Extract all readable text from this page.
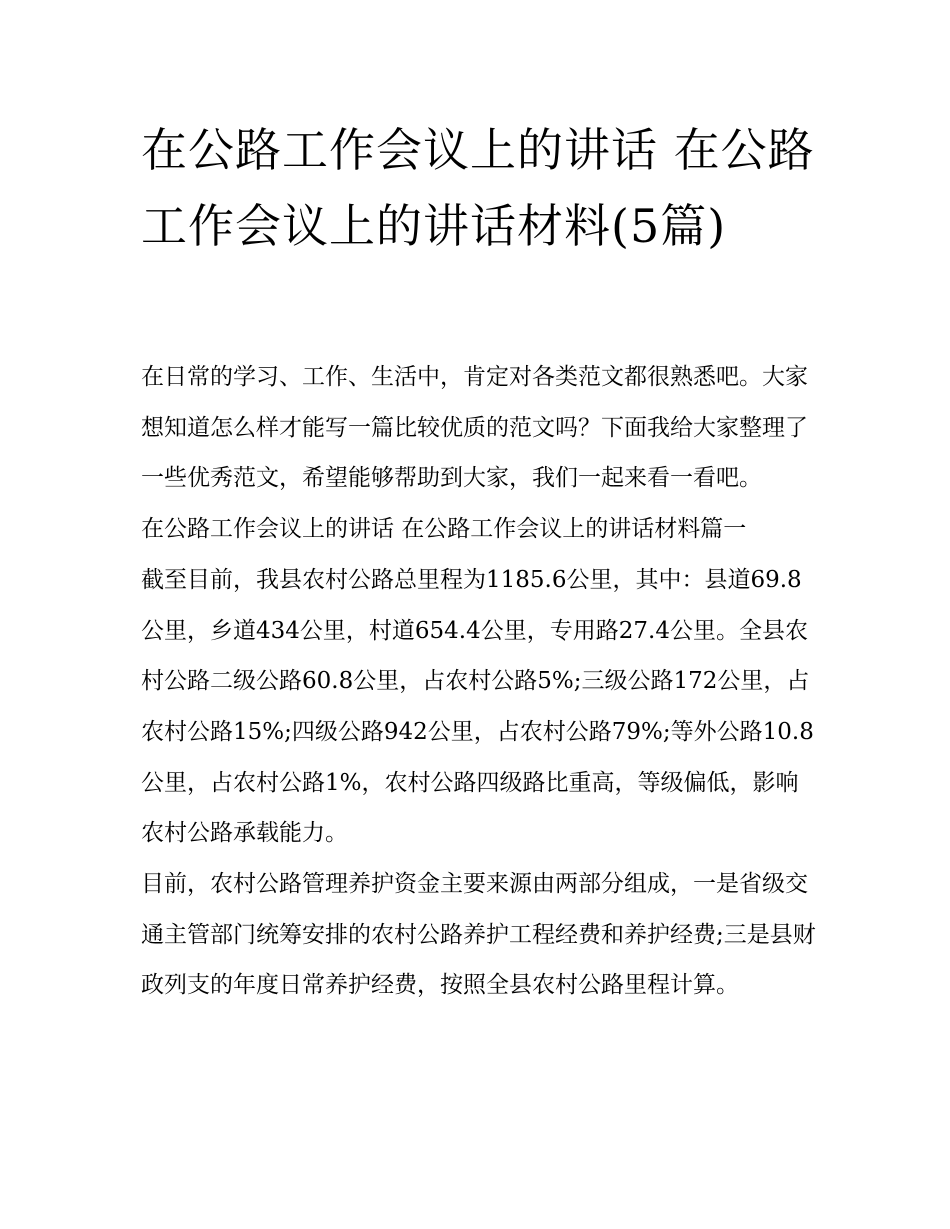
在公路工作会议上的讲话 在公路工作会议上的讲话材料(5篇)

在日常的学习、工作、生活中，肯定对各类范文都很熟悉吧。大家想知道怎么样才能写一篇比较优质的范文吗？下面我给大家整理了一些优秀范文，希望能够帮助到大家，我们一起来看一看吧。

在公路工作会议上的讲话 在公路工作会议上的讲话材料篇一

截至目前，我县农村公路总里程为1185.6公里，其中：县道69.8公里，乡道434公里，村道654.4公里，专用路27.4公里。全县农村公路二级公路60.8公里，占农村公路5%;三级公路172公里，占农村公路15%;四级公路942公里，占农村公路79%;等外公路10.8公里，占农村公路1%，农村公路四级路比重高，等级偏低，影响农村公路承载能力。

目前，农村公路管理养护资金主要来源由两部分组成，一是省级交通主管部门统筹安排的农村公路养护工程经费和养护经费;三是县财政列支的年度日常养护经费，按照全县农村公路里程计算。
